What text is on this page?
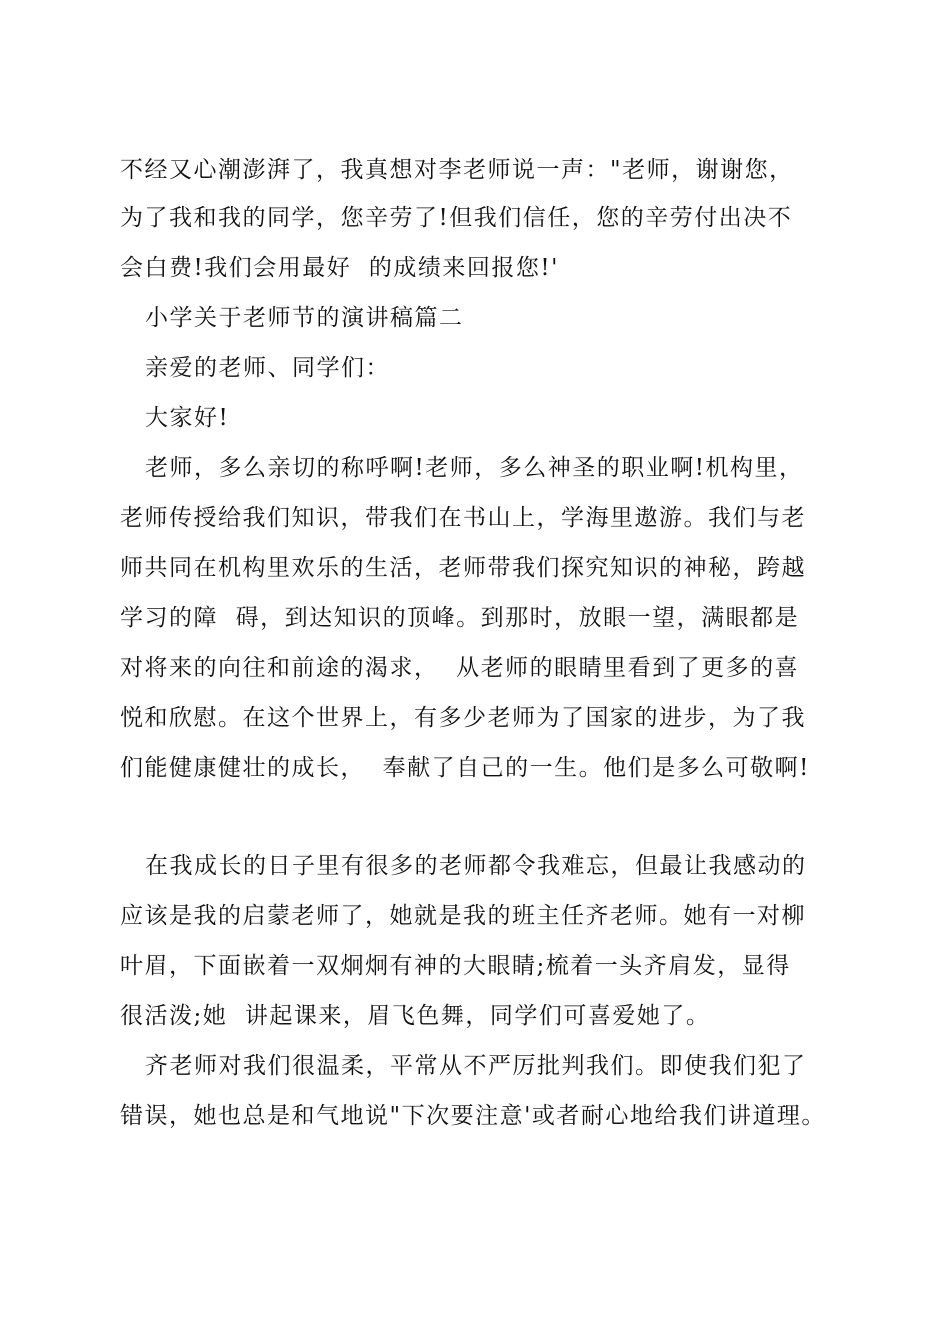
不经又心潮澎湃了，我真想对李老师说一声："老师，谢谢您，
为了我和我的同学，您辛劳了!但我们信任，您的辛劳付出决不
会白费!我们会用最好  的成绩来回报您!'
小学关于老师节的演讲稿篇二
亲爱的老师、同学们：
大家好!
老师，多么亲切的称呼啊!老师，多么神圣的职业啊!机构里，
老师传授给我们知识，带我们在书山上，学海里遨游。我们与老
师共同在机构里欢乐的生活，老师带我们探究知识的神秘，跨越
学习的障  碍，到达知识的顶峰。到那时，放眼一望，满眼都是
对将来的向往和前途的渴求，  从老师的眼睛里看到了更多的喜
悦和欣慰。在这个世界上，有多少老师为了国家的进步，为了我
们能健康健壮的成长，  奉献了自己的一生。他们是多么可敬啊!
在我成长的日子里有很多的老师都令我难忘，但最让我感动的
应该是我的启蒙老师了，她就是我的班主任齐老师。她有一对柳
叶眉，下面嵌着一双炯炯有神的大眼睛;梳着一头齐肩发，显得
很活泼;她  讲起课来，眉飞色舞，同学们可喜爱她了。
齐老师对我们很温柔，平常从不严厉批判我们。即使我们犯了
错误，她也总是和气地说"下次要注意'或者耐心地给我们讲道理。
